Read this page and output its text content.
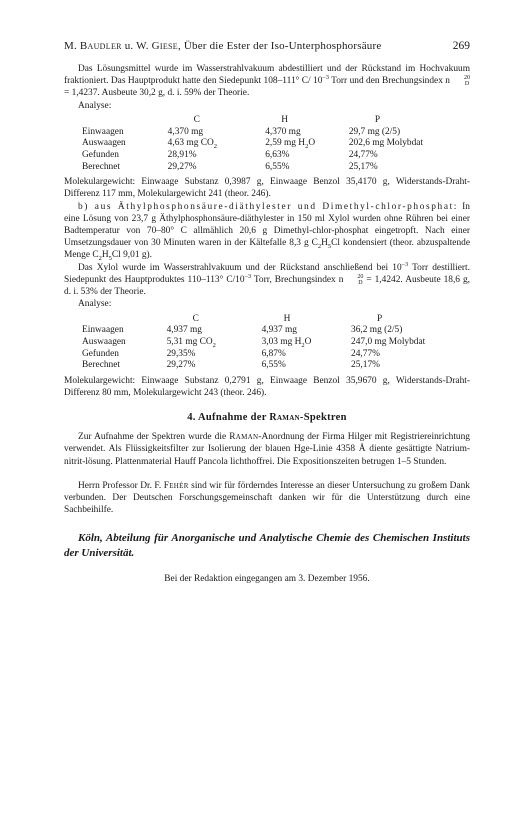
M. Baudler u. W. Giese, Über die Ester der Iso-Unterphosphorsäure	269

Das Lösungsmittel wurde im Wasserstrahlvakuum abdestilliert und der Rückstand im Hochvakuum fraktioniert. Das Hauptprodukt hatte den Siedepunkt 108–111° C/ $10^{-3}$ Torr und den Brechungsindex n	20
D
= 1,4237. Ausbeute 30,2 g, d. i. 59% der Theorie.

Analyse:
	C	H	P
Einwaagen	4,370 mg	4,370 mg	29,7 mg (2/5)
Auswaagen	4,63 mg $CO_2$	2,59 mg $H_2O$	202,6 mg Molybdat
Gefunden	28,91%	6,63%	24,77%
Berechnet	29,27%	6,55%	25,17%

Molekulargewicht: Einwaage Substanz 0,3987 g, Einwaage Benzol 35,4170 g, Widerstands-Draht-Differenz 117 mm, Molekulargewicht 241 (theor. 246).

b) aus Äthylphosphonsäure-diäthylester und Dimethyl-chlor-phosphat: In eine Lösung von 23,7 g Äthylphosphonsäure-diäthylester in 150 ml Xylol wurden ohne Rühren bei einer Badtemperatur von 70–80° C allmählich 20,6 g Dimethyl-chlor-phosphat eingetropft. Nach einer Umsetzungsdauer von 30 Minuten waren in der Kältefalle 8,3 g $C_2H_5Cl$ kondensiert (theor. abzuspaltende Menge $C_2H_5Cl$ 9,01 g).

Das Xylol wurde im Wasserstrahlvakuum und der Rückstand anschließend bei $10^{-3}$ Torr destilliert. Siedepunkt des Hauptproduktes 110–113° $C/10^{-3}$ Torr, Brechungsindex n	20
D = 1,4242. Ausbeute 18,6 g, d. i. 53% der Theorie.

Analyse:
	C	H	P
Einwaagen	4,937 mg	4,937 mg	36,2 mg (2/5)
Auswaagen	5,31 mg $CO_2$	3,03 mg $H_2O$	247,0 mg Molybdat
Gefunden	29,35%	6,87%	24,77%
Berechnet	29,27%	6,55%	25,17%

Molekulargewicht: Einwaage Substanz 0,2791 g, Einwaage Benzol 35,9670 g, Widerstands-Draht-Differenz 80 mm, Molekulargewicht 243 (theor. 246).

4. Aufnahme der Raman-Spektren

Zur Aufnahme der Spektren wurde die Raman-Anordnung der Firma Hilger mit Registriereinrichtung verwendet. Als Flüssigkeitsfilter zur Isolierung der blauen Hge-Linie 4358 Å diente gesättigte Natrium-nitrit-lösung. Plattenmaterial Hauff Pancola lichthoffrei. Die Expositionszeiten betrugen 1–5 Stunden.

Herrn Professor Dr. F. Fehér sind wir für förderndes Interesse an dieser Untersuchung zu großem Dank verbunden. Der Deutschen Forschungsgemeinschaft danken wir für die Unterstützung durch eine Sachbeihilfe.

Köln, Abteilung für Anorganische und Analytische Chemie des Chemischen Instituts der Universität.
Bei der Redaktion eingegangen am 3. Dezember 1956.
